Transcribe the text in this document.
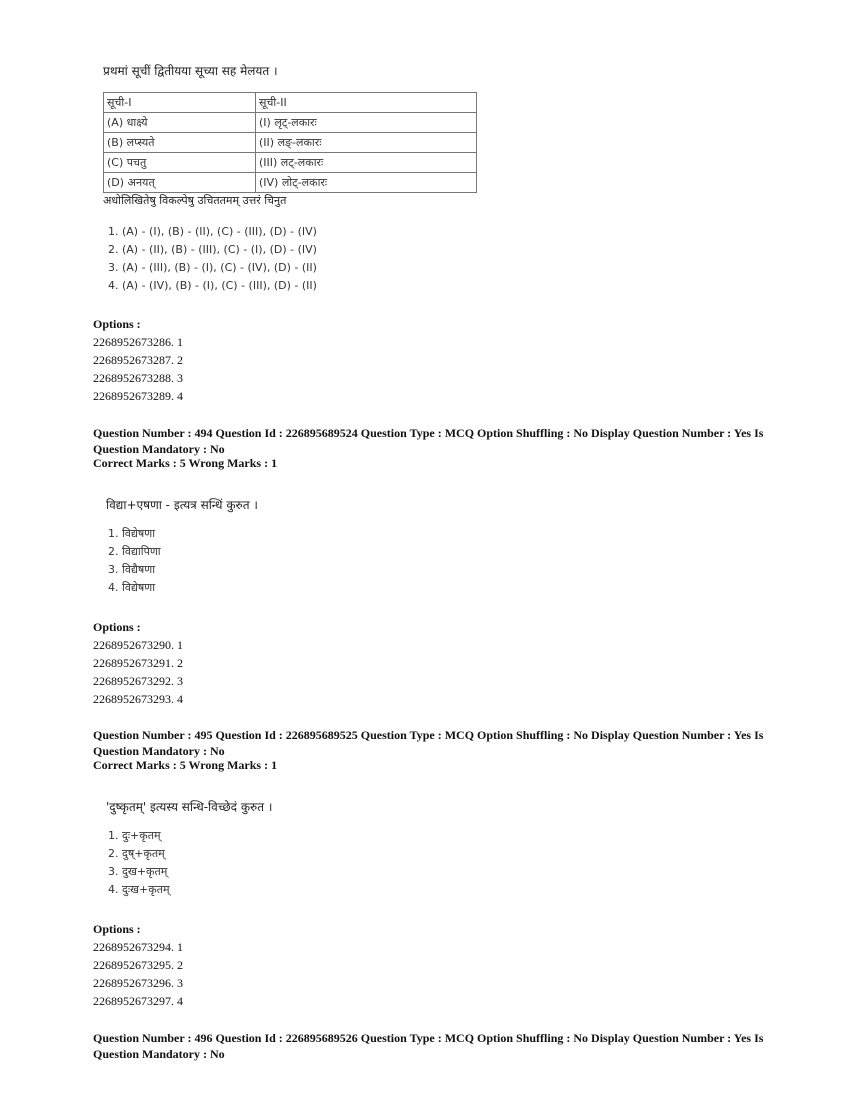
प्रथमां सूचीं द्वितीयया सूच्या सह मेलयत ।
सूची-I	सूची-II
(A) धाक्ष्ये	(I) लृट्-लकारः
(B) लप्स्यते	(II) लङ्-लकारः
(C) पचतु	(III) लट्-लकारः
(D) अनयत्	(IV) लोट्-लकारः
अधोलिखितेषु विकल्पेषु उचिततमम् उत्तरं चिनुत
1. (A) - (I), (B) - (II), (C) - (III), (D) - (IV)
2. (A) - (II), (B) - (III), (C) - (I), (D) - (IV)
3. (A) - (III), (B) - (I), (C) - (IV), (D) - (II)
4. (A) - (IV), (B) - (I), (C) - (III), (D) - (II)
Options :
2268952673286. 1
2268952673287. 2
2268952673288. 3
2268952673289. 4
Question Number : 494 Question Id : 226895689524 Question Type : MCQ Option Shuffling : No Display Question Number : Yes Is Question Mandatory : No
Correct Marks : 5 Wrong Marks : 1
विद्या+एषणा - इत्यत्र सन्धिं कुरुत ।
1. विद्येषणा
2. विद्यापिणा
3. विद्यैषणा
4. विद्येषणा
Options :
2268952673290. 1
2268952673291. 2
2268952673292. 3
2268952673293. 4
Question Number : 495 Question Id : 226895689525 Question Type : MCQ Option Shuffling : No Display Question Number : Yes Is Question Mandatory : No
Correct Marks : 5 Wrong Marks : 1
'दुष्कृतम्' इत्यस्य सन्धि-विच्छेदं कुरुत ।
1. दुः+कृतम्
2. दुष्+कृतम्
3. दुख+कृतम्
4. दुःख+कृतम्
Options :
2268952673294. 1
2268952673295. 2
2268952673296. 3
2268952673297. 4
Question Number : 496 Question Id : 226895689526 Question Type : MCQ Option Shuffling : No Display Question Number : Yes Is Question Mandatory : No
